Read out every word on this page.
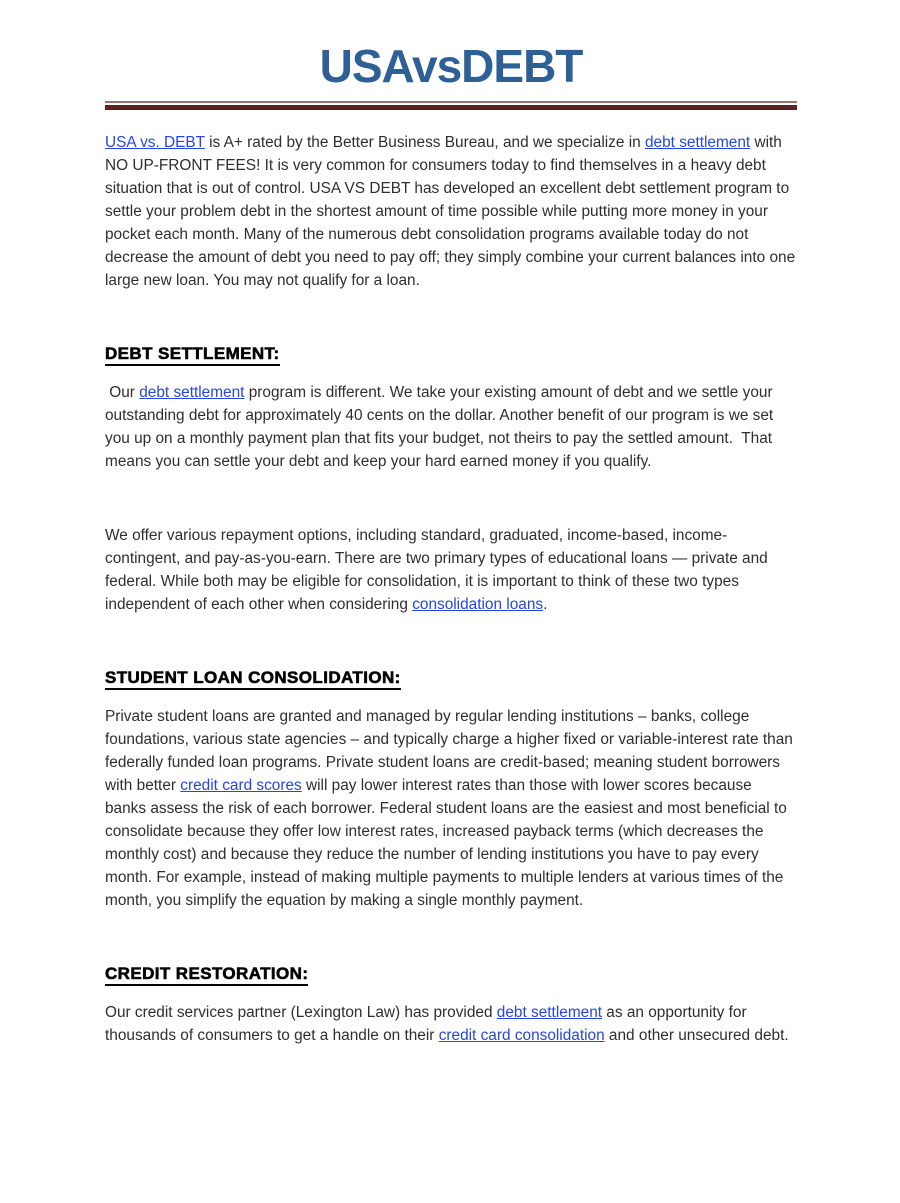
USAvsDEBT

USA vs. DEBT is A+ rated by the Better Business Bureau, and we specialize in debt settlement with NO UP-FRONT FEES! It is very common for consumers today to find themselves in a heavy debt situation that is out of control. USA VS DEBT has developed an excellent debt settlement program to settle your problem debt in the shortest amount of time possible while putting more money in your pocket each month. Many of the numerous debt consolidation programs available today do not decrease the amount of debt you need to pay off; they simply combine your current balances into one large new loan. You may not qualify for a loan.

DEBT SETTLEMENT:

Our debt settlement program is different. We take your existing amount of debt and we settle your outstanding debt for approximately 40 cents on the dollar. Another benefit of our program is we set you up on a monthly payment plan that fits your budget, not theirs to pay the settled amount.  That means you can settle your debt and keep your hard earned money if you qualify.

We offer various repayment options, including standard, graduated, income-based, income-contingent, and pay-as-you-earn. There are two primary types of educational loans — private and federal. While both may be eligible for consolidation, it is important to think of these two types independent of each other when considering consolidation loans.

STUDENT LOAN CONSOLIDATION:

Private student loans are granted and managed by regular lending institutions – banks, college foundations, various state agencies – and typically charge a higher fixed or variable-interest rate than federally funded loan programs. Private student loans are credit-based; meaning student borrowers with better credit card scores will pay lower interest rates than those with lower scores because banks assess the risk of each borrower. Federal student loans are the easiest and most beneficial to consolidate because they offer low interest rates, increased payback terms (which decreases the monthly cost) and because they reduce the number of lending institutions you have to pay every month. For example, instead of making multiple payments to multiple lenders at various times of the month, you simplify the equation by making a single monthly payment.

CREDIT RESTORATION:

Our credit services partner (Lexington Law) has provided debt settlement as an opportunity for thousands of consumers to get a handle on their credit card consolidation and other unsecured debt.
